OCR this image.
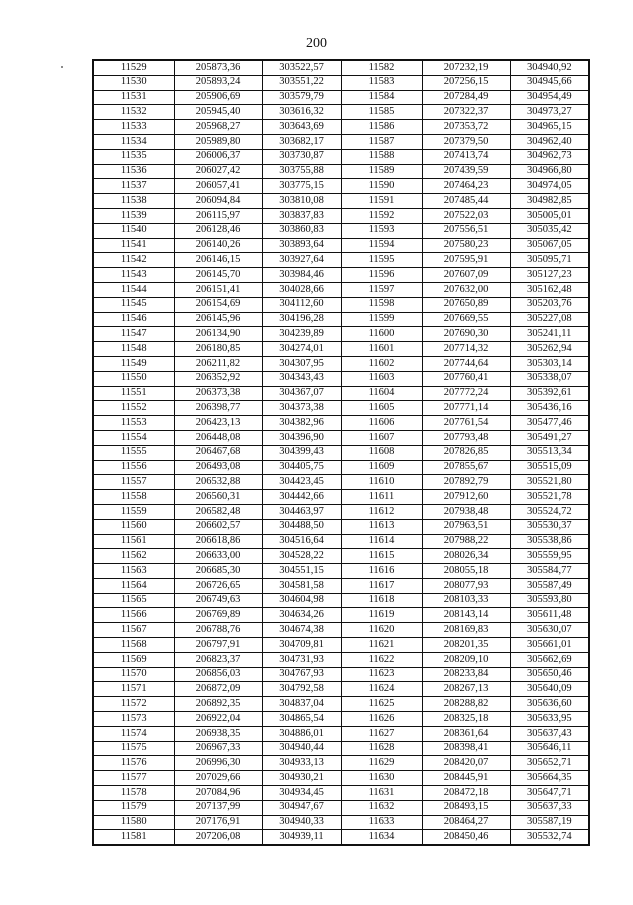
200
11529	205873,36	303522,57	11582	207232,19	304940,92
11530	205893,24	303551,22	11583	207256,15	304945,66
11531	205906,69	303579,79	11584	207284,49	304954,49
11532	205945,40	303616,32	11585	207322,37	304973,27
11533	205968,27	303643,69	11586	207353,72	304965,15
11534	205989,80	303682,17	11587	207379,50	304962,40
11535	206006,37	303730,87	11588	207413,74	304962,73
11536	206027,42	303755,88	11589	207439,59	304966,80
11537	206057,41	303775,15	11590	207464,23	304974,05
11538	206094,84	303810,08	11591	207485,44	304982,85
11539	206115,97	303837,83	11592	207522,03	305005,01
11540	206128,46	303860,83	11593	207556,51	305035,42
11541	206140,26	303893,64	11594	207580,23	305067,05
11542	206146,15	303927,64	11595	207595,91	305095,71
11543	206145,70	303984,46	11596	207607,09	305127,23
11544	206151,41	304028,66	11597	207632,00	305162,48
11545	206154,69	304112,60	11598	207650,89	305203,76
11546	206145,96	304196,28	11599	207669,55	305227,08
11547	206134,90	304239,89	11600	207690,30	305241,11
11548	206180,85	304274,01	11601	207714,32	305262,94
11549	206211,82	304307,95	11602	207744,64	305303,14
11550	206352,92	304343,43	11603	207760,41	305338,07
11551	206373,38	304367,07	11604	207772,24	305392,61
11552	206398,77	304373,38	11605	207771,14	305436,16
11553	206423,13	304382,96	11606	207761,54	305477,46
11554	206448,08	304396,90	11607	207793,48	305491,27
11555	206467,68	304399,43	11608	207826,85	305513,34
11556	206493,08	304405,75	11609	207855,67	305515,09
11557	206532,88	304423,45	11610	207892,79	305521,80
11558	206560,31	304442,66	11611	207912,60	305521,78
11559	206582,48	304463,97	11612	207938,48	305524,72
11560	206602,57	304488,50	11613	207963,51	305530,37
11561	206618,86	304516,64	11614	207988,22	305538,86
11562	206633,00	304528,22	11615	208026,34	305559,95
11563	206685,30	304551,15	11616	208055,18	305584,77
11564	206726,65	304581,58	11617	208077,93	305587,49
11565	206749,63	304604,98	11618	208103,33	305593,80
11566	206769,89	304634,26	11619	208143,14	305611,48
11567	206788,76	304674,38	11620	208169,83	305630,07
11568	206797,91	304709,81	11621	208201,35	305661,01
11569	206823,37	304731,93	11622	208209,10	305662,69
11570	206856,03	304767,93	11623	208233,84	305650,46
11571	206872,09	304792,58	11624	208267,13	305640,09
11572	206892,35	304837,04	11625	208288,82	305636,60
11573	206922,04	304865,54	11626	208325,18	305633,95
11574	206938,35	304886,01	11627	208361,64	305637,43
11575	206967,33	304940,44	11628	208398,41	305646,11
11576	206996,30	304933,13	11629	208420,07	305652,71
11577	207029,66	304930,21	11630	208445,91	305664,35
11578	207084,96	304934,45	11631	208472,18	305647,71
11579	207137,99	304947,67	11632	208493,15	305637,33
11580	207176,91	304940,33	11633	208464,27	305587,19
11581	207206,08	304939,11	11634	208450,46	305532,74
